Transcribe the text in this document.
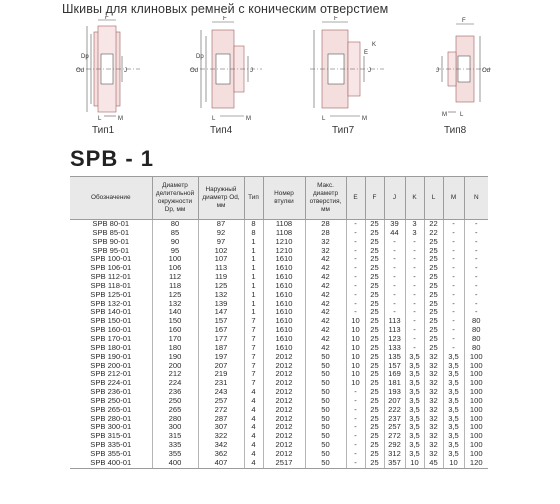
Шкивы для клиновых ремней с коническим отверстием
Od
Dp
F
J
M
L
Od
Dp
F
J
M
L
F
E
J
M
L
K
F
J	Od
M L
Тип1	Тип4	Тип7	Тип8
SPB - 1
Обозначение	Диаметр делительной окружности Dp, мм	Наружный диаметр Od, мм	Тип	Номер втулки	Макс. диаметр отверстия, мм	E	F	J	K	L	M	N
SPB 80-01	80	87	8	1108	28	-	25	39	3	22	-	-
SPB 85-01	85	92	8	1108	28	-	25	44	3	22	-	-
SPB 90-01	90	97	1	1210	32	-	25	-	-	25	-	-
SPB 95-01	95	102	1	1210	32	-	25	-	-	25	-	-
SPB 100-01	100	107	1	1610	42	-	25	-	-	25	-	-
SPB 106-01	106	113	1	1610	42	-	25	-	-	25	-	-
SPB 112-01	112	119	1	1610	42	-	25	-	-	25	-	-
SPB 118-01	118	125	1	1610	42	-	25	-	-	25	-	-
SPB 125-01	125	132	1	1610	42	-	25	-	-	25	-	-
SPB 132-01	132	139	1	1610	42	-	25	-	-	25	-	-
SPB 140-01	140	147	1	1610	42	-	25	-	-	25	-	-
SPB 150-01	150	157	7	1610	42	10	25	113	-	25	-	80
SPB 160-01	160	167	7	1610	42	10	25	113	-	25	-	80
SPB 170-01	170	177	7	1610	42	10	25	123	-	25	-	80
SPB 180-01	180	187	7	1610	42	10	25	133	-	25	-	80
SPB 190-01	190	197	7	2012	50	10	25	135	3,5	32	3,5	100
SPB 200-01	200	207	7	2012	50	10	25	157	3,5	32	3,5	100
SPB 212-01	212	219	7	2012	50	10	25	169	3,5	32	3,5	100
SPB 224-01	224	231	7	2012	50	10	25	181	3,5	32	3,5	100
SPB 236-01	236	243	4	2012	50	-	25	193	3,5	32	3,5	100
SPB 250-01	250	257	4	2012	50	-	25	207	3,5	32	3,5	100
SPB 265-01	265	272	4	2012	50	-	25	222	3,5	32	3,5	100
SPB 280-01	280	287	4	2012	50	-	25	237	3,5	32	3,5	100
SPB 300-01	300	307	4	2012	50	-	25	257	3,5	32	3,5	100
SPB 315-01	315	322	4	2012	50	-	25	272	3,5	32	3,5	100
SPB 335-01	335	342	4	2012	50	-	25	292	3,5	32	3,5	100
SPB 355-01	355	362	4	2012	50	-	25	312	3,5	32	3,5	100
SPB 400-01	400	407	4	2517	50	-	25	357	10	45	10	120
